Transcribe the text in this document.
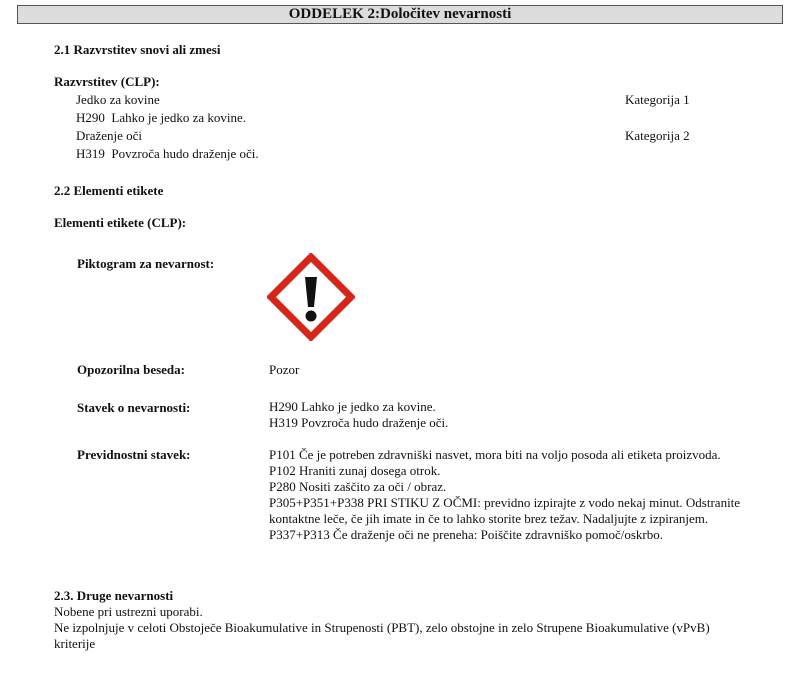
ODDELEK 2:Določitev nevarnosti
2.1 Razvrstitev snovi ali zmesi
Razvrstitev (CLP):
Jedko za kovine	Kategorija 1
H290 Lahko je jedko za kovine.
Draženje oči	Kategorija 2
H319 Povzroča hudo draženje oči.
2.2 Elementi etikete
Elementi etikete (CLP):
Piktogram za nevarnost:
Opozorilna beseda:	Pozor
Stavek o nevarnosti:	H290 Lahko je jedko za kovine.
H319 Povzroča hudo draženje oči.
Previdnostni stavek:	P101 Če je potreben zdravniški nasvet, mora biti na voljo posoda ali etiketa proizvoda.
P102 Hraniti zunaj dosega otrok.
P280 Nositi zaščito za oči / obraz.
P305+P351+P338 PRI STIKU Z OČMI: previdno izpirajte z vodo nekaj minut. Odstranite
kontaktne leče, če jih imate in če to lahko storite brez težav. Nadaljujte z izpiranjem.
P337+P313 Če draženje oči ne preneha: Poiščite zdravniško pomoč/oskrbo.
2.3. Druge nevarnosti
Nobene pri ustrezni uporabi.
Ne izpolnjuje v celoti Obstoječe Bioakumulative in Strupenosti (PBT), zelo obstojne in zelo Strupene Bioakumulative (vPvB)
kriterije
